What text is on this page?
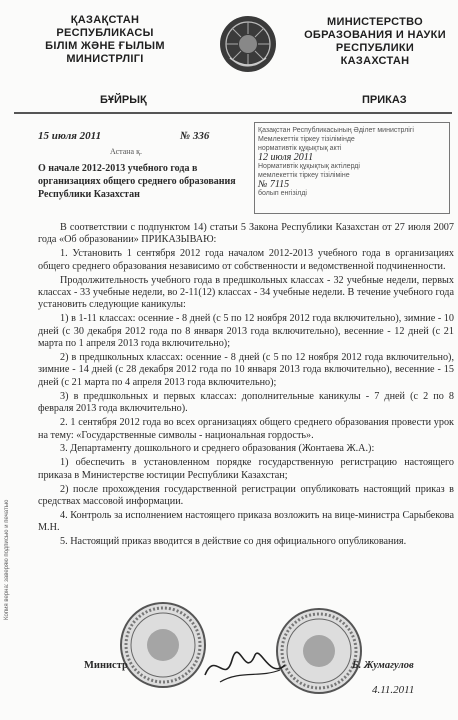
ҚАЗАҚСТАН
РЕСПУБЛИКАСЫ
БІЛІМ ЖӘНЕ ҒЫЛЫМ
МИНИСТРЛІГІ
МИНИСТЕРСТВО
ОБРАЗОВАНИЯ И НАУКИ
РЕСПУБЛИКИ
КАЗАХСТАН
БҰЙРЫҚ	ПРИКАЗ
15 июля 2011	№ 336
Астана қ.
О начале 2012-2013 учебного года в организациях общего среднего образования Республики Казахстан
Қазақстан Республикасының Әділет министрлігі
Мемлекеттік тіркеу тізілімінде
нормативтік құқықтық акті
12 июля 2011
Нормативтік құқықтық актілерді
мемлекеттік тіркеу тізіліміне
№ 7115
болып енгізілді
Копия верна: заверяю подписью и печатью

В соответствии с подпунктом 14) статьи 5 Закона Республики Казахстан от 27 июля 2007 года «Об образовании» ПРИКАЗЫВАЮ:

1. Установить 1 сентября 2012 года началом 2012-2013 учебного года в организациях общего среднего образования независимо от собственности и ведомственной подчиненности.

Продолжительность учебного года в предшкольных классах - 32 учебные недели, первых классах - 33 учебные недели, во 2-11(12) классах - 34 учебные недели. В течение учебного года установить следующие каникулы:

1) в 1-11 классах: осенние - 8 дней (с 5 по 12 ноября 2012 года включительно), зимние - 10 дней (с 30 декабря 2012 года по 8 января 2013 года включительно), весенние - 12 дней (с 21 марта по 1 апреля 2013 года включительно);

2) в предшкольных классах: осенние - 8 дней (с 5 по 12 ноября 2012 года включительно), зимние - 14 дней (с 28 декабря 2012 года по 10 января 2013 года включительно), весенние - 15 дней (с 21 марта по 4 апреля 2013 года включительно);

3) в предшкольных и первых классах: дополнительные каникулы - 7 дней (с 2 по 8 февраля 2013 года включительно).

2. 1 сентября 2012 года во всех организациях общего среднего образования провести урок на тему: «Государственные символы - национальная гордость».

3. Департаменту дошкольного и среднего образования (Жонтаева Ж.А.):

1) обеспечить в установленном порядке государственную регистрацию настоящего приказа в Министерстве юстиции Республики Казахстан;

2) после прохождения государственной регистрации опубликовать настоящий приказ в средствах массовой информации.

4. Контроль за исполнением настоящего приказа возложить на вице-министра Сарыбекова М.Н.

5. Настоящий приказ вводится в действие со дня официального опубликования.

Министр	Б. Жумагулов
4.11.2011
